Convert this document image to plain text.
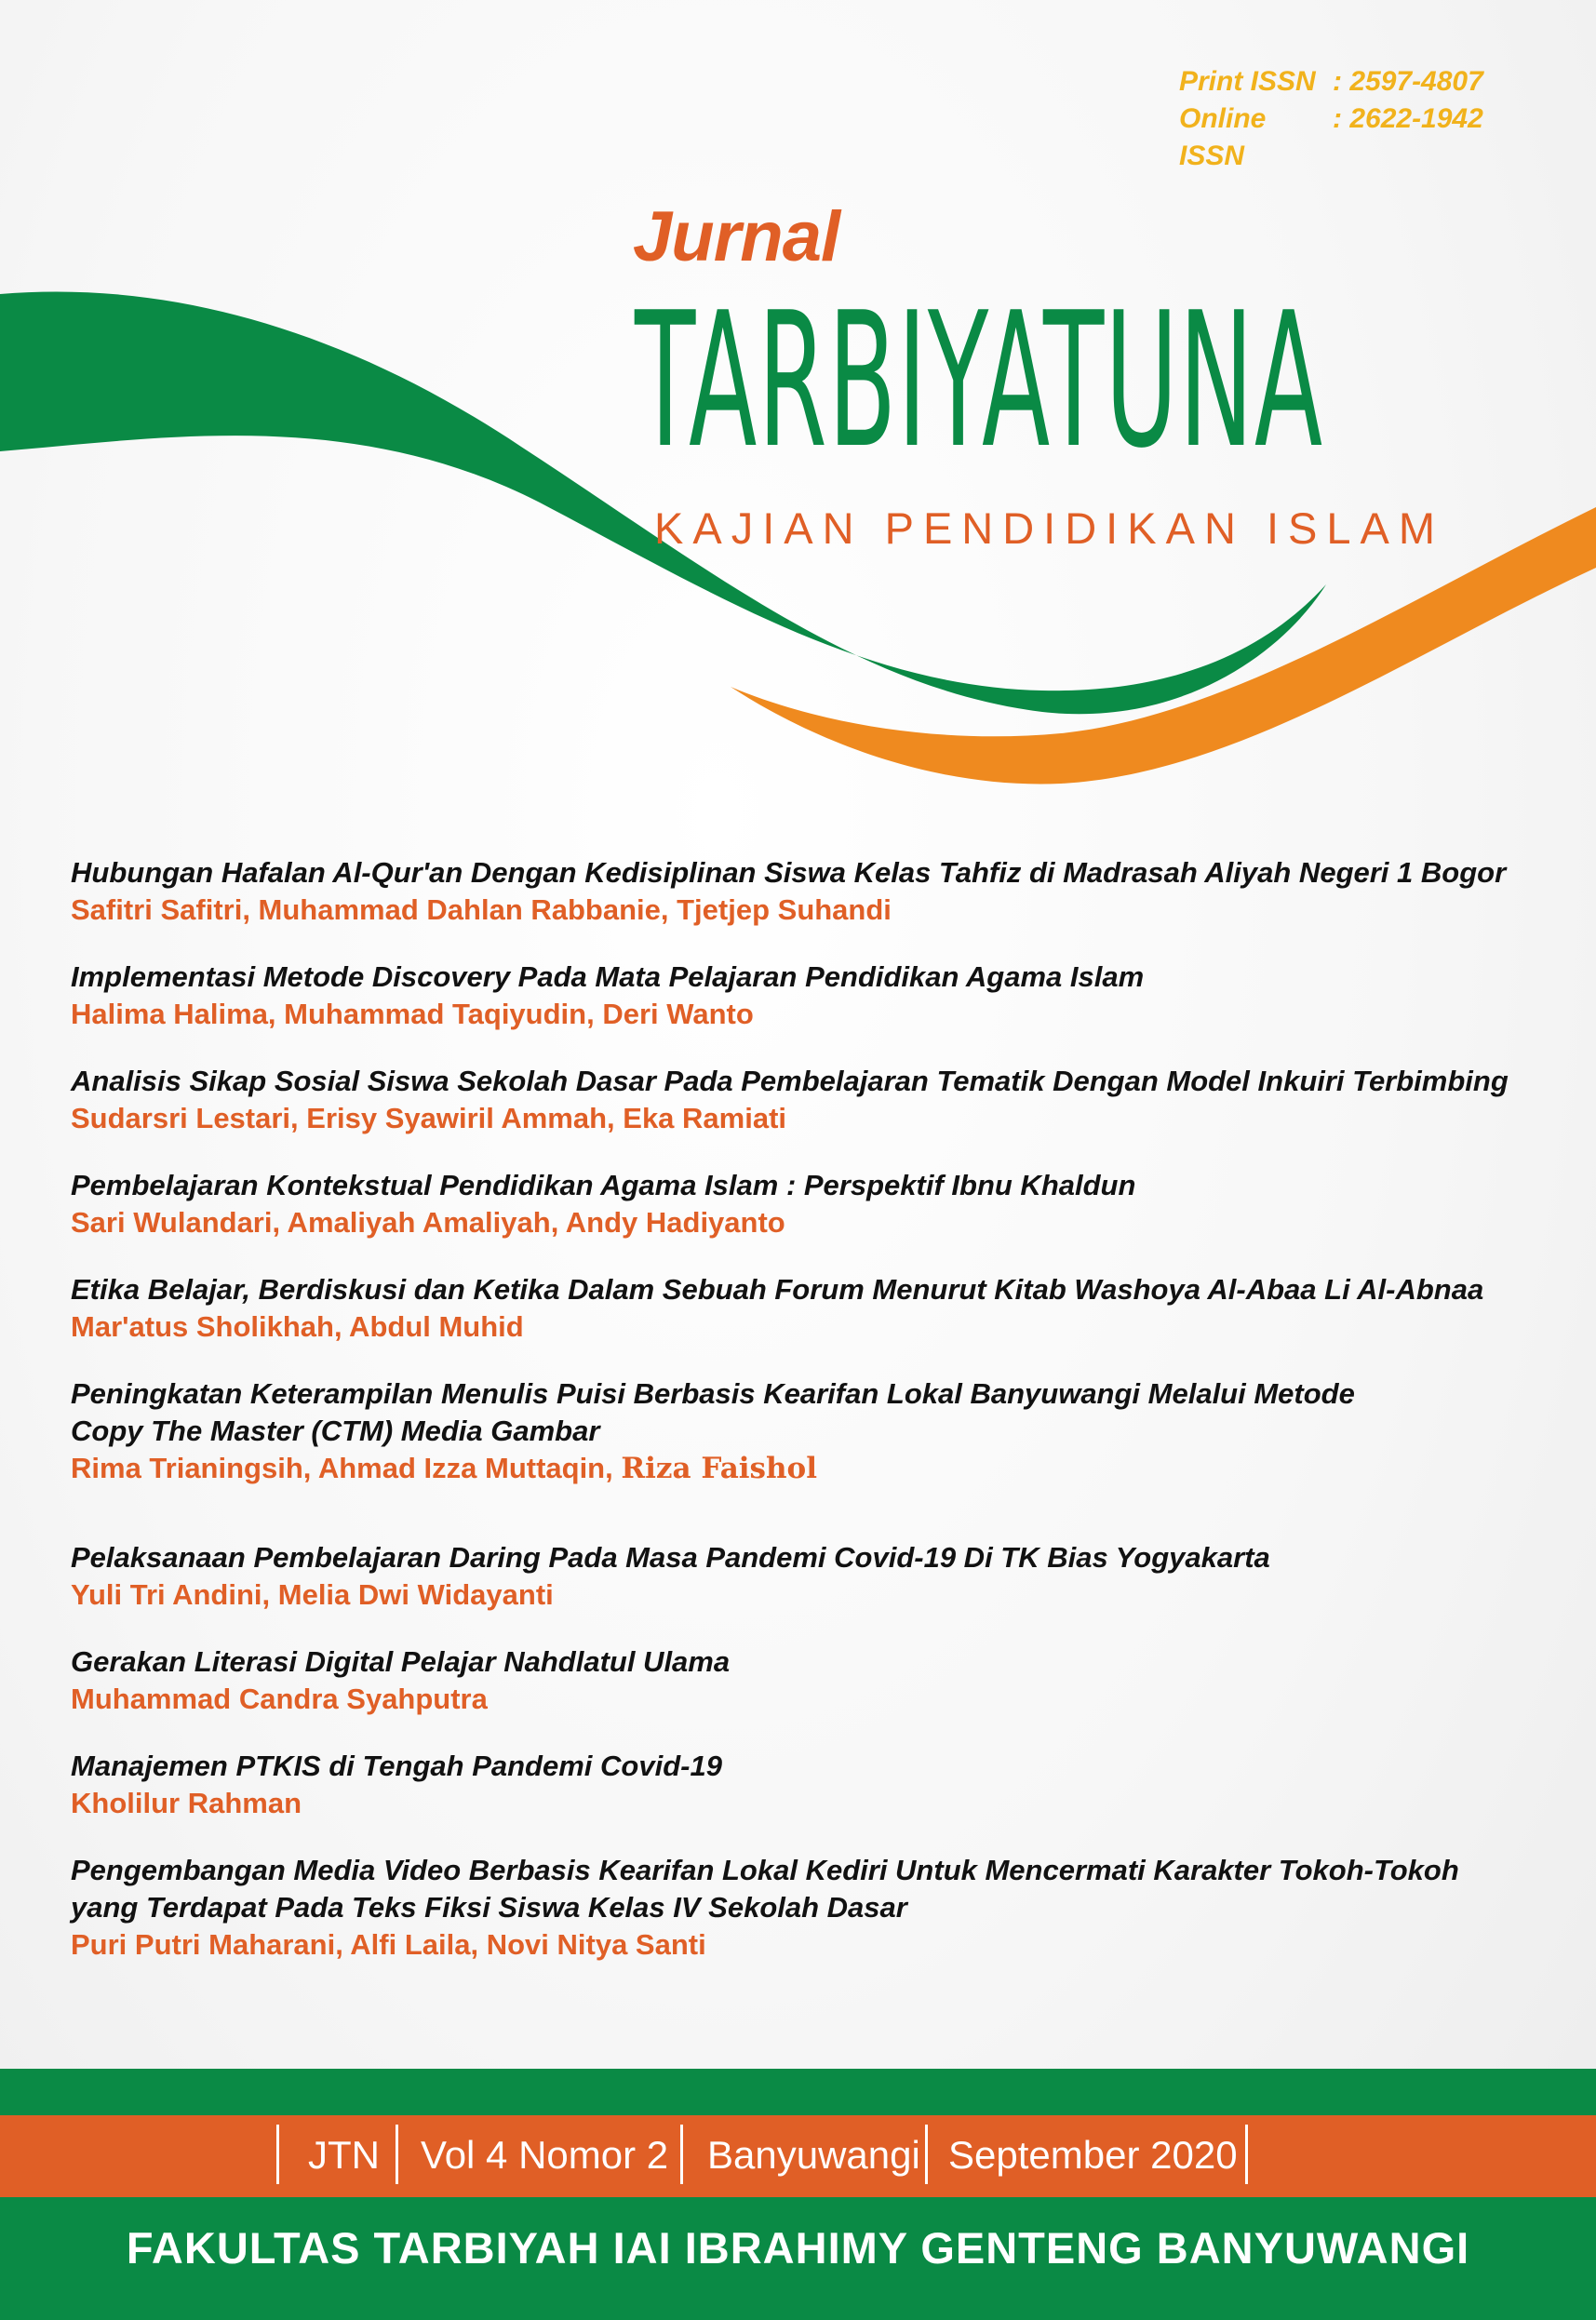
Print ISSN : 2597-4807
Online ISSN
: 2622-1942
Jurnal
TARBIYATUNA
KAJIAN PENDIDIKAN ISLAM
Hubungan Hafalan Al-Qur'an Dengan Kedisiplinan Siswa Kelas Tahfiz di Madrasah Aliyah Negeri 1 Bogor
Safitri Safitri, Muhammad Dahlan Rabbanie, Tjetjep Suhandi
Implementasi Metode Discovery Pada Mata Pelajaran Pendidikan Agama Islam
Halima Halima, Muhammad Taqiyudin, Deri Wanto
Analisis Sikap Sosial Siswa Sekolah Dasar Pada Pembelajaran Tematik Dengan Model Inkuiri Terbimbing
Sudarsri Lestari, Erisy Syawiril Ammah, Eka Ramiati
Pembelajaran Kontekstual Pendidikan Agama Islam : Perspektif Ibnu Khaldun
Sari Wulandari, Amaliyah Amaliyah, Andy Hadiyanto
Etika Belajar, Berdiskusi dan Ketika Dalam Sebuah Forum Menurut Kitab Washoya Al-Abaa Li Al-Abnaa
Mar'atus Sholikhah, Abdul Muhid
Peningkatan Keterampilan Menulis Puisi Berbasis Kearifan Lokal Banyuwangi Melalui Metode
Copy The Master (CTM) Media Gambar
Rima Trianingsih, Ahmad Izza Muttaqin, Riza Faishol
Pelaksanaan Pembelajaran Daring Pada Masa Pandemi Covid-19 Di TK Bias Yogyakarta
Yuli Tri Andini, Melia Dwi Widayanti
Gerakan Literasi Digital Pelajar Nahdlatul Ulama
Muhammad Candra Syahputra
Manajemen PTKIS di Tengah Pandemi Covid-19
Kholilur Rahman
Pengembangan Media Video Berbasis Kearifan Lokal Kediri Untuk Mencermati Karakter Tokoh-Tokoh
yang Terdapat Pada Teks Fiksi Siswa Kelas IV Sekolah Dasar
Puri Putri Maharani, Alfi Laila, Novi Nitya Santi
JTN Vol 4 Nomor 2 Banyuwangi September 2020
FAKULTAS TARBIYAH IAI IBRAHIMY GENTENG BANYUWANGI
